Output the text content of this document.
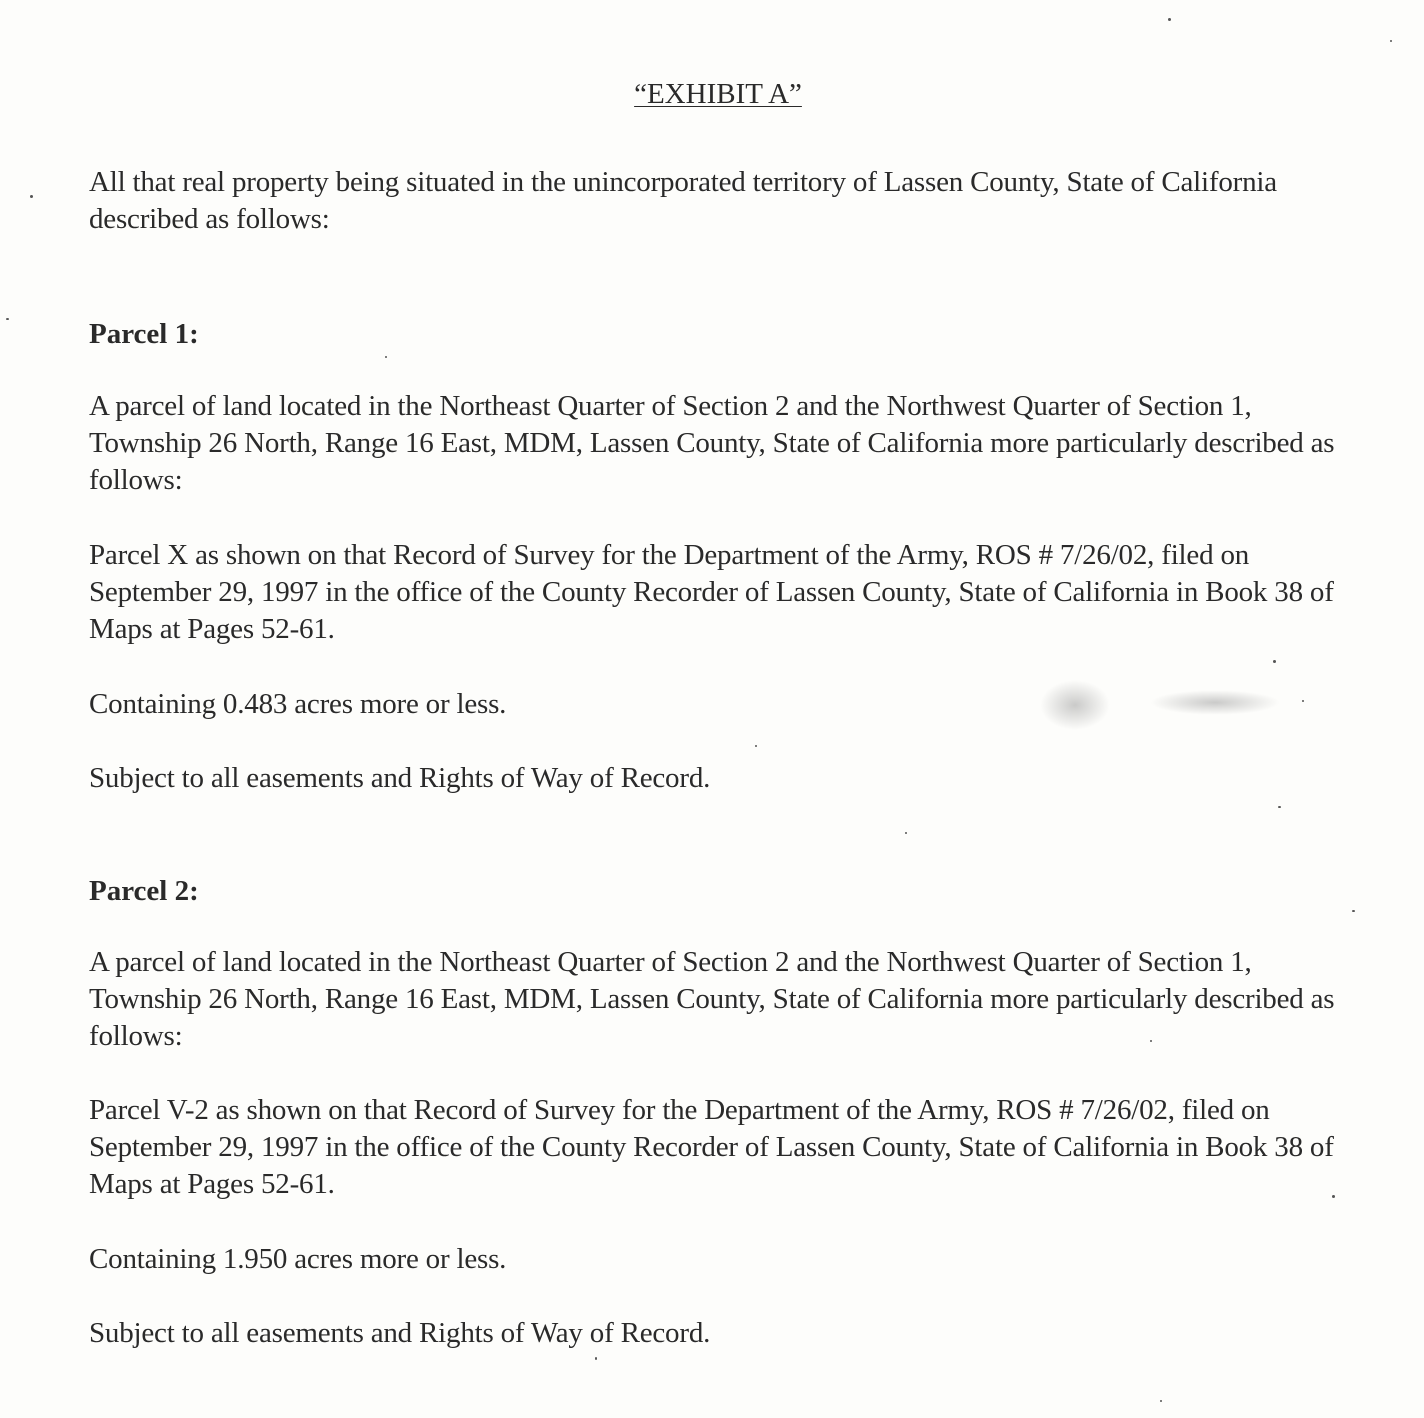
“EXHIBIT A”

All that real property being situated in the unincorporated territory of Lassen County, State of California described as follows:

Parcel 1:

A parcel of land located in the Northeast Quarter of Section 2 and the Northwest Quarter of Section 1, Township 26 North, Range 16 East, MDM, Lassen County, State of California more particularly described as follows:

Parcel X as shown on that Record of Survey for the Department of the Army, ROS # 7/26/02, filed on September 29, 1997 in the office of the County Recorder of Lassen County, State of California in Book 38 of Maps at Pages 52-61.

Containing 0.483 acres more or less.

Subject to all easements and Rights of Way of Record.

Parcel 2:

A parcel of land located in the Northeast Quarter of Section 2 and the Northwest Quarter of Section 1, Township 26 North, Range 16 East, MDM, Lassen County, State of California more particularly described as follows:

Parcel V-2 as shown on that Record of Survey for the Department of the Army, ROS # 7/26/02, filed on September 29, 1997 in the office of the County Recorder of Lassen County, State of California in Book 38 of Maps at Pages 52-61.

Containing 1.950 acres more or less.

Subject to all easements and Rights of Way of Record.
